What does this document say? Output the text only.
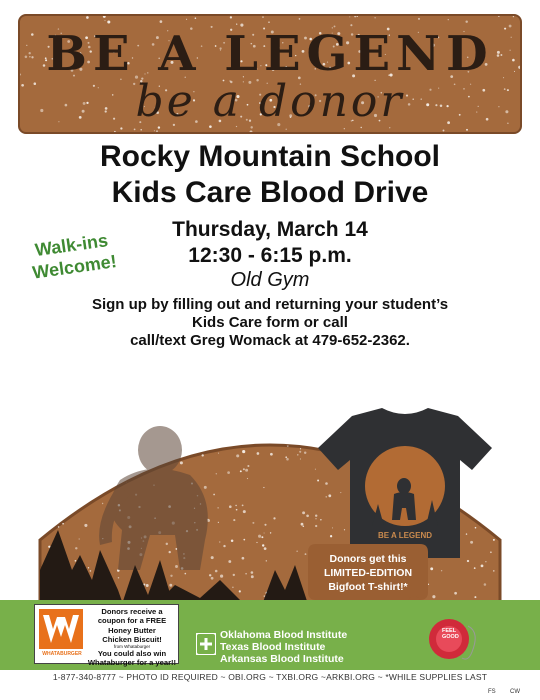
BE A LEGEND
be a donor
Rocky Mountain School
Kids Care Blood Drive
Thursday, March 14
12:30 - 6:15 p.m.
Old Gym
Walk-ins Welcome!
Sign up by filling out and returning your student’s
Kids Care form or call
call/text Greg Womack at 479-652-2362.
BE A LEGEND
Donors get this
LIMITED-EDITION
Bigfoot T-shirt!*
WHATABURGER
Donors receive a
coupon for a FREE
Honey Butter
Chicken Biscuit!
from Whataburger
You could also win
Whataburger for a year!!
Oklahoma Blood Institute
Texas Blood Institute
Arkansas Blood Institute
FEEL GOOD
1-877-340-8777 ~ PHOTO ID REQUIRED ~ OBI.ORG ~ TXBI.ORG ~ARKBI.ORG ~ *WHILE SUPPLIES LAST
FS CW
